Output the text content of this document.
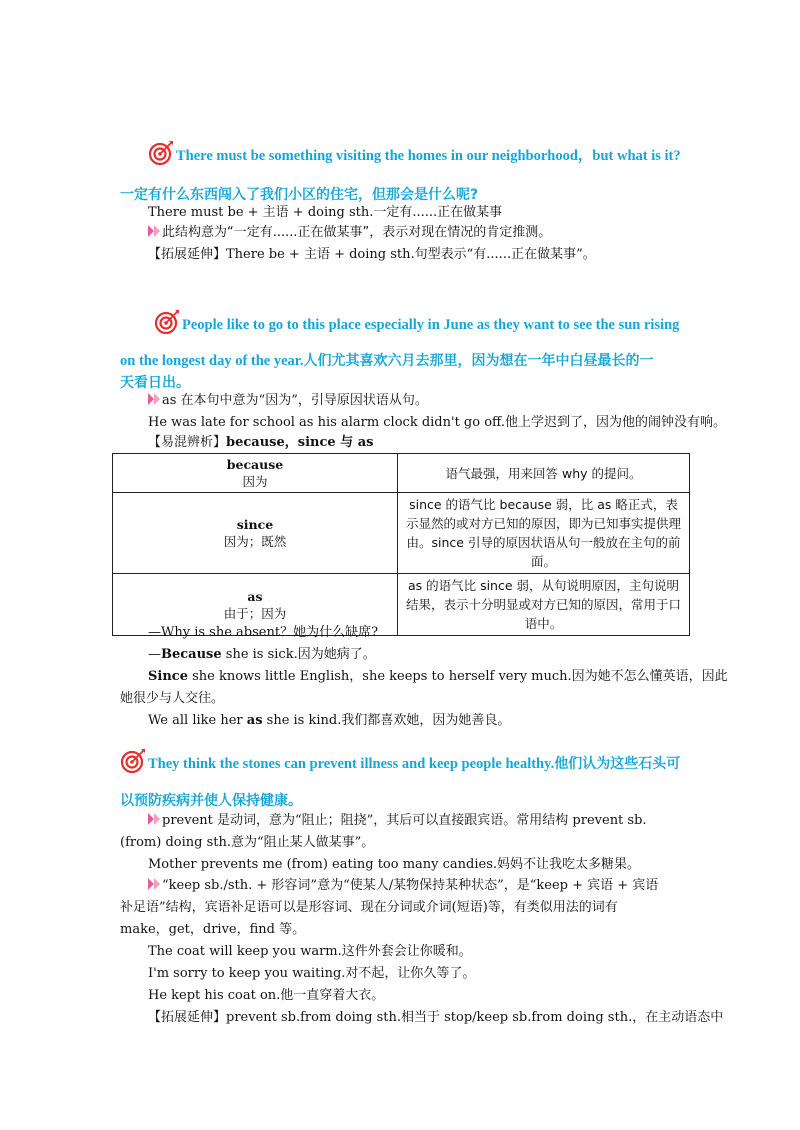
There must be something visiting the homes in our neighborhood，but what is it?
一定有什么东西闯入了我们小区的住宅，但那会是什么呢?
There must be + 主语 + doing sth.一定有......正在做某事
此结构意为“一定有......正在做某事”，表示对现在情况的肯定推测。
【拓展延伸】There be + 主语 + doing sth.句型表示“有......正在做某事”。
People like to go to this place especially in June as they want to see the sun rising
on the longest day of the year.人们尤其喜欢六月去那里，因为想在一年中白昼最长的一
天看日出。
as 在本句中意为“因为”，引导原因状语从句。
He was late for school as his alarm clock didn't go off.他上学迟到了，因为他的闹钟没有响。
【易混辨析】because，since 与 as
because
因为	语气最强，用来回答 why 的提问。
since
因为；既然	since 的语气比 because 弱，比 as 略正式，表示显然的或对方已知的原因，即为已知事实提供理由。since 引导的原因状语从句一般放在主句的前面。
as
由于；因为	as 的语气比 since 弱，从句说明原因，主句说明结果，表示十分明显或对方已知的原因，常用于口语中。
—Why is she absent？她为什么缺席?
—Because she is sick.因为她病了。
Since she knows little English，she keeps to herself very much.因为她不怎么懂英语，因此
她很少与人交往。
We all like her as she is kind.我们都喜欢她，因为她善良。
They think the stones can prevent illness and keep people healthy.他们认为这些石头可
以预防疾病并使人保持健康。
prevent 是动词，意为“阻止；阻挠”，其后可以直接跟宾语。常用结构 prevent sb.
(from) doing sth.意为“阻止某人做某事”。
Mother prevents me (from) eating too many candies.妈妈不让我吃太多糖果。
“keep sb./sth. + 形容词”意为“使某人/某物保持某种状态”，是“keep + 宾语 + 宾语
补足语”结构，宾语补足语可以是形容词、现在分词或介词(短语)等，有类似用法的词有
make，get，drive，find 等。
The coat will keep you warm.这件外套会让你暖和。
I'm sorry to keep you waiting.对不起，让你久等了。
He kept his coat on.他一直穿着大衣。
【拓展延伸】prevent sb.from doing sth.相当于 stop/keep sb.from doing sth.，在主动语态中
